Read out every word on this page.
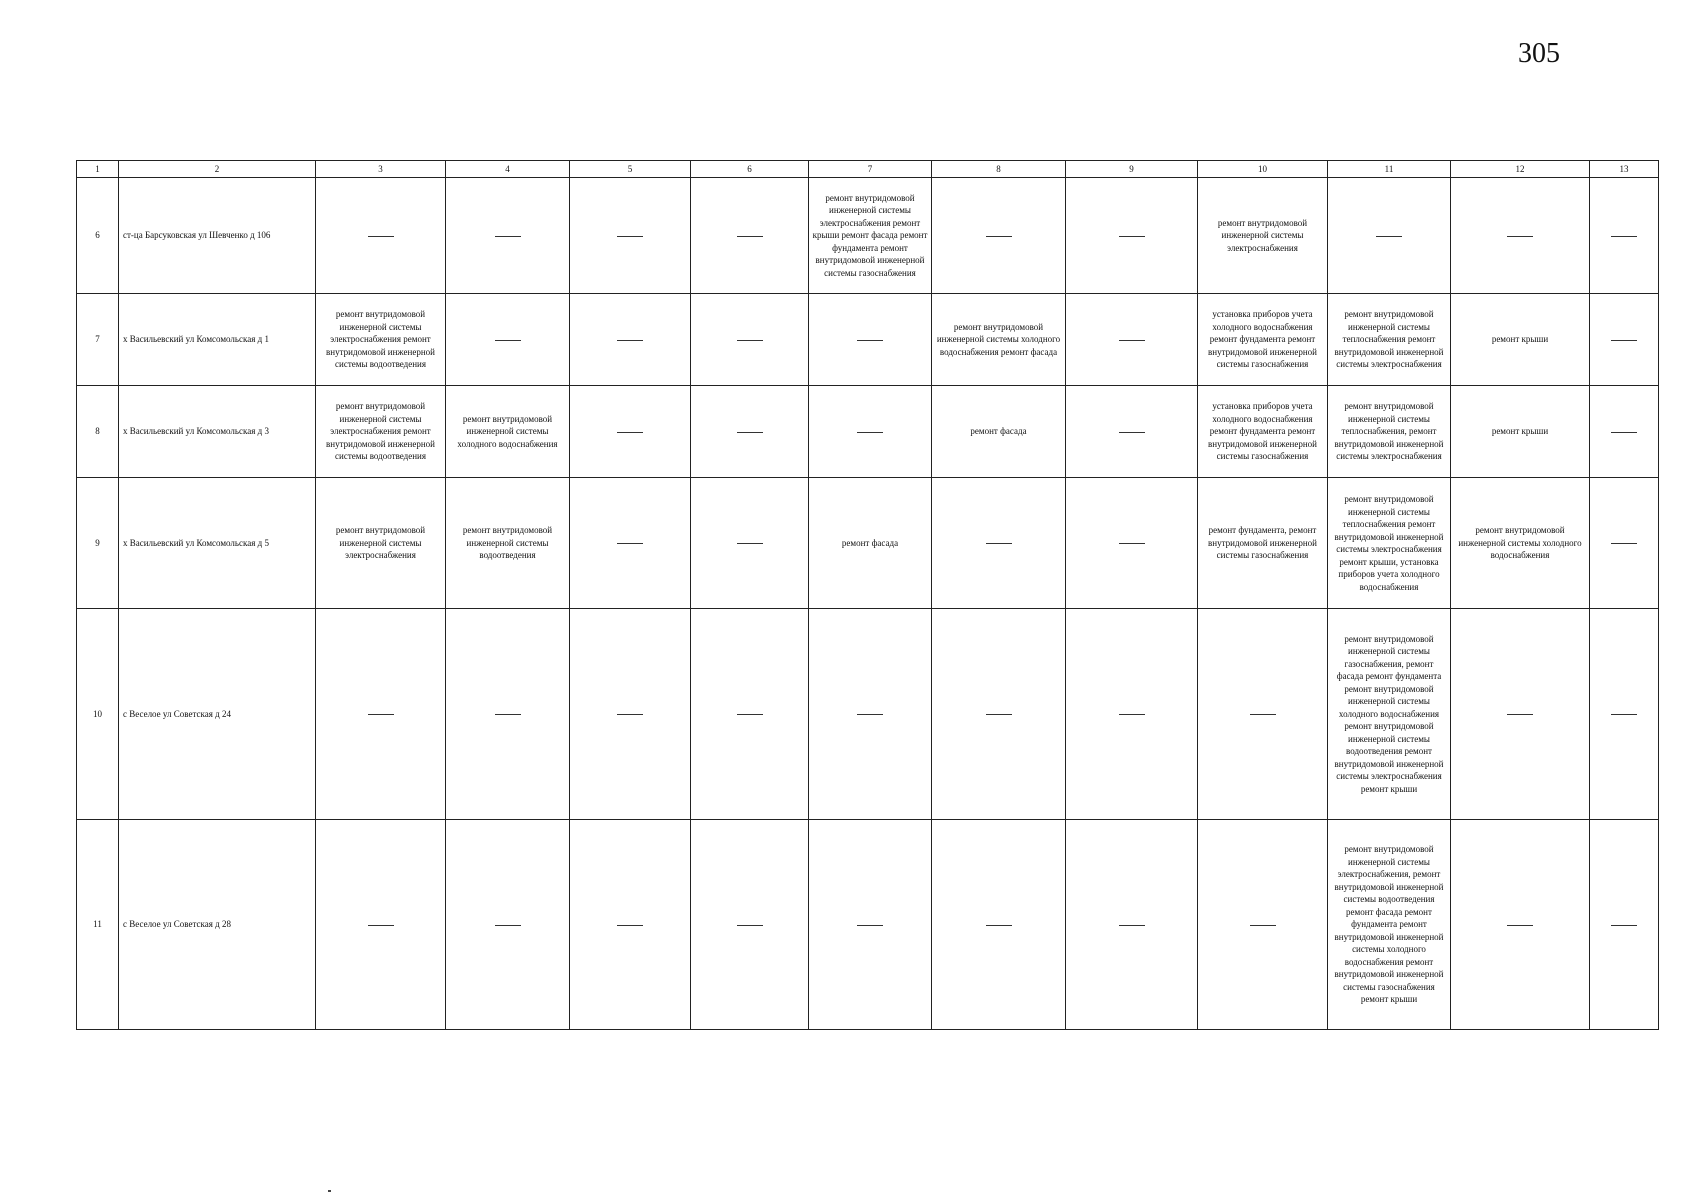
305
1	2	3	4	5	6	7	8	9	10	11	12	13
6	ст-ца Барсуковская ул Шевченко д 106					ремонт внутридомовой инженерной системы электроснабжения ремонт крыши ремонт фасада ремонт фундамента ремонт внутридомовой инженерной системы газоснабжения			ремонт внутридомовой инженерной системы электроснабжения			
7	х Васильевский ул Комсомольская д 1	ремонт внутридомовой инженерной системы электроснабжения ремонт внутридомовой инженерной системы водоотведения					ремонт внутридомовой инженерной системы холодного водоснабжения ремонт фасада		установка приборов учета холодного водоснабжения ремонт фундамента ремонт внутридомовой инженерной системы газоснабжения	ремонт внутридомовой инженерной системы теплоснабжения ремонт внутридомовой инженерной системы электроснабжения	ремонт крыши	
8	х Васильевский ул Комсомольская д 3	ремонт внутридомовой инженерной системы электроснабжения ремонт внутридомовой инженерной системы водоотведения	ремонт внутридомовой инженерной системы холодного водоснабжения				ремонт фасада		установка приборов учета холодного водоснабжения ремонт фундамента ремонт внутридомовой инженерной системы газоснабжения	ремонт внутридомовой инженерной системы теплоснабжения, ремонт внутридомовой инженерной системы электроснабжения	ремонт крыши	
9	х Васильевский ул Комсомольская д 5	ремонт внутридомовой инженерной системы электроснабжения	ремонт внутридомовой инженерной системы водоотведения			ремонт фасада			ремонт фундамента, ремонт внутридомовой инженерной системы газоснабжения	ремонт внутридомовой инженерной системы теплоснабжения ремонт внутридомовой инженерной системы электроснабжения ремонт крыши, установка приборов учета холодного водоснабжения	ремонт внутридомовой инженерной системы холодного водоснабжения	
10	с Веселое ул Советская д 24									ремонт внутридомовой инженерной системы газоснабжения, ремонт фасада ремонт фундамента ремонт внутридомовой инженерной системы холодного водоснабжения ремонт внутридомовой инженерной системы водоотведения ремонт внутридомовой инженерной системы электроснабжения ремонт крыши		
11	с Веселое ул Советская д 28									ремонт внутридомовой инженерной системы электроснабжения, ремонт внутридомовой инженерной системы водоотведения ремонт фасада ремонт фундамента ремонт внутридомовой инженерной системы холодного водоснабжения ремонт внутридомовой инженерной системы газоснабжения ремонт крыши		
